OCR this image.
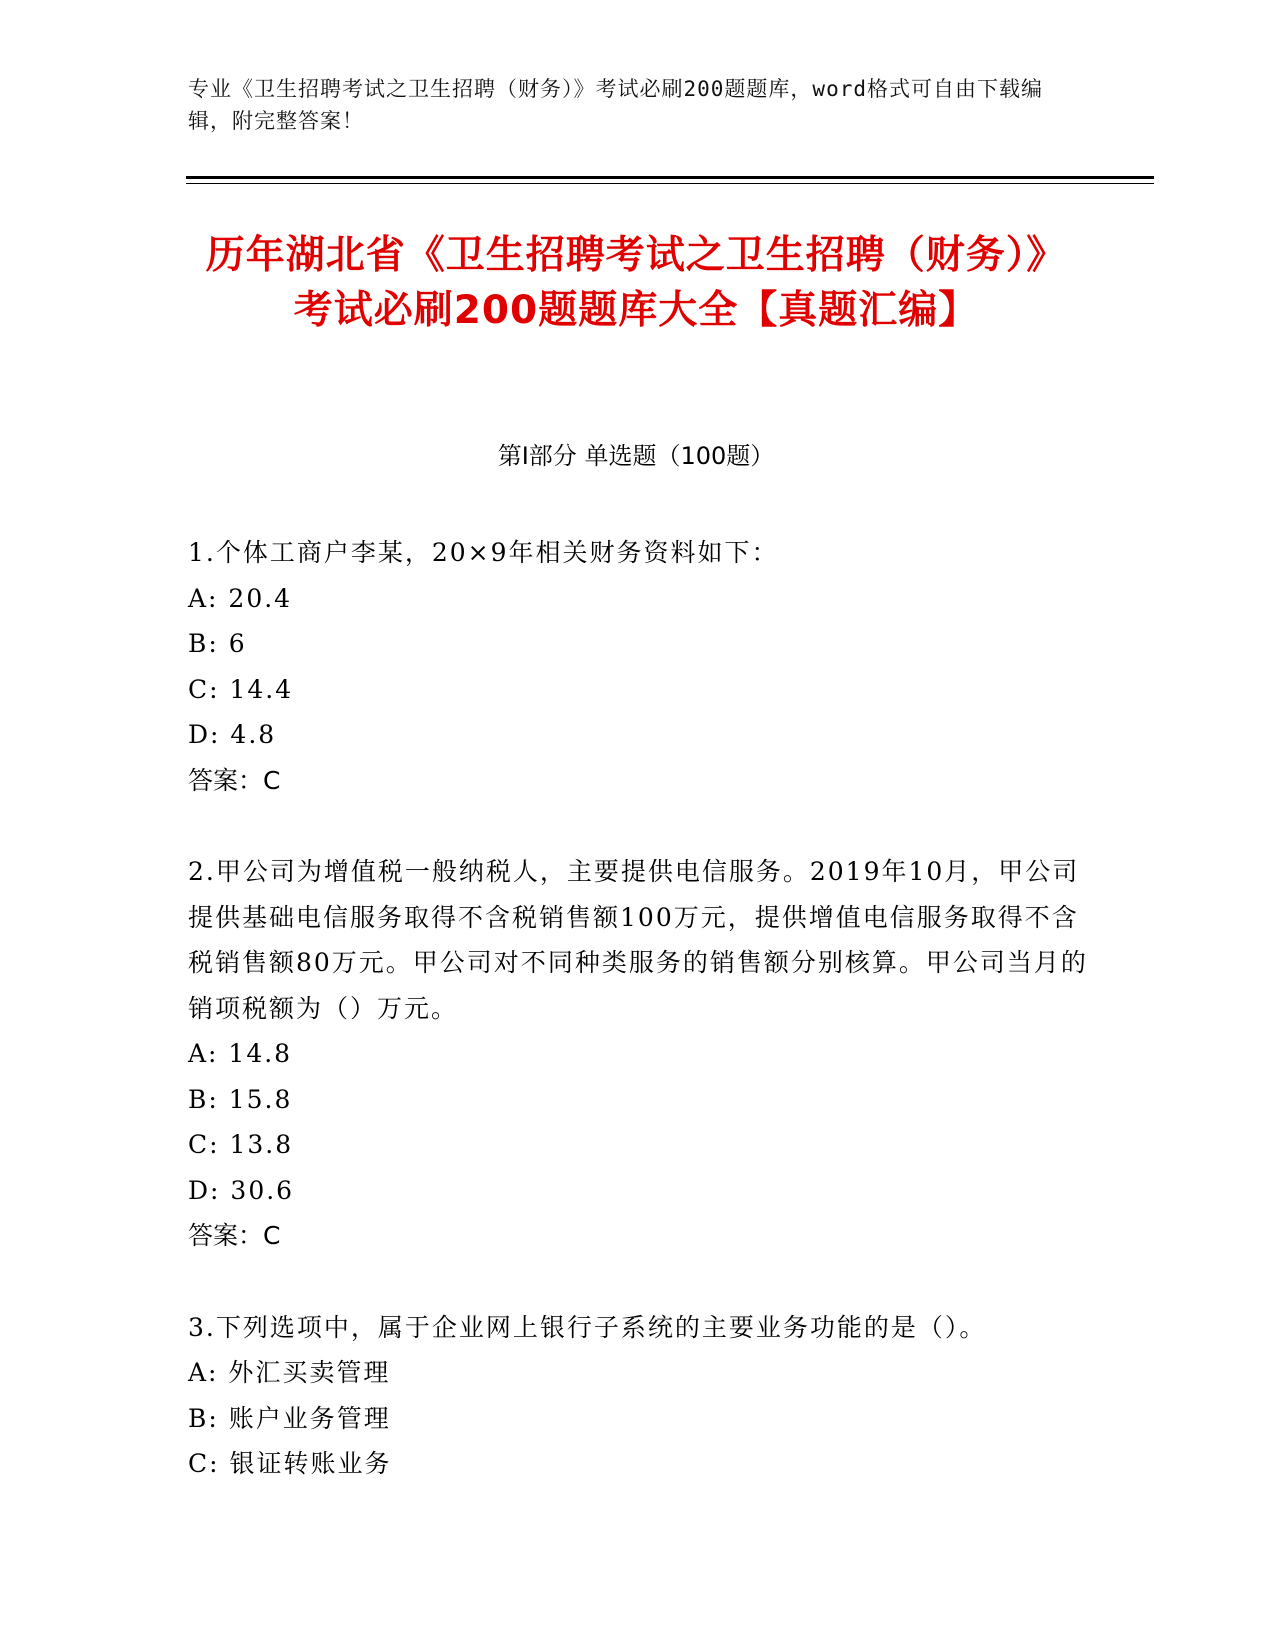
专业《卫生招聘考试之卫生招聘（财务）》考试必刷200题题库，word格式可自由下载编辑，附完整答案！
历年湖北省《卫生招聘考试之卫生招聘（财务）》考试必刷200题题库大全【真题汇编】
第Ⅰ部分 单选题（100题）

1.个体工商户李某，20×9年相关财务资料如下：

A: 20.4

B: 6

C: 14.4

D: 4.8

答案：C

2.甲公司为增值税一般纳税人，主要提供电信服务。2019年10月，甲公司提供基础电信服务取得不含税销售额100万元，提供增值电信服务取得不含税销售额80万元。甲公司对不同种类服务的销售额分别核算。甲公司当月的销项税额为（）万元。

A: 14.8

B: 15.8

C: 13.8

D: 30.6

答案：C

3.下列选项中，属于企业网上银行子系统的主要业务功能的是（）。

A: 外汇买卖管理

B: 账户业务管理

C: 银证转账业务
